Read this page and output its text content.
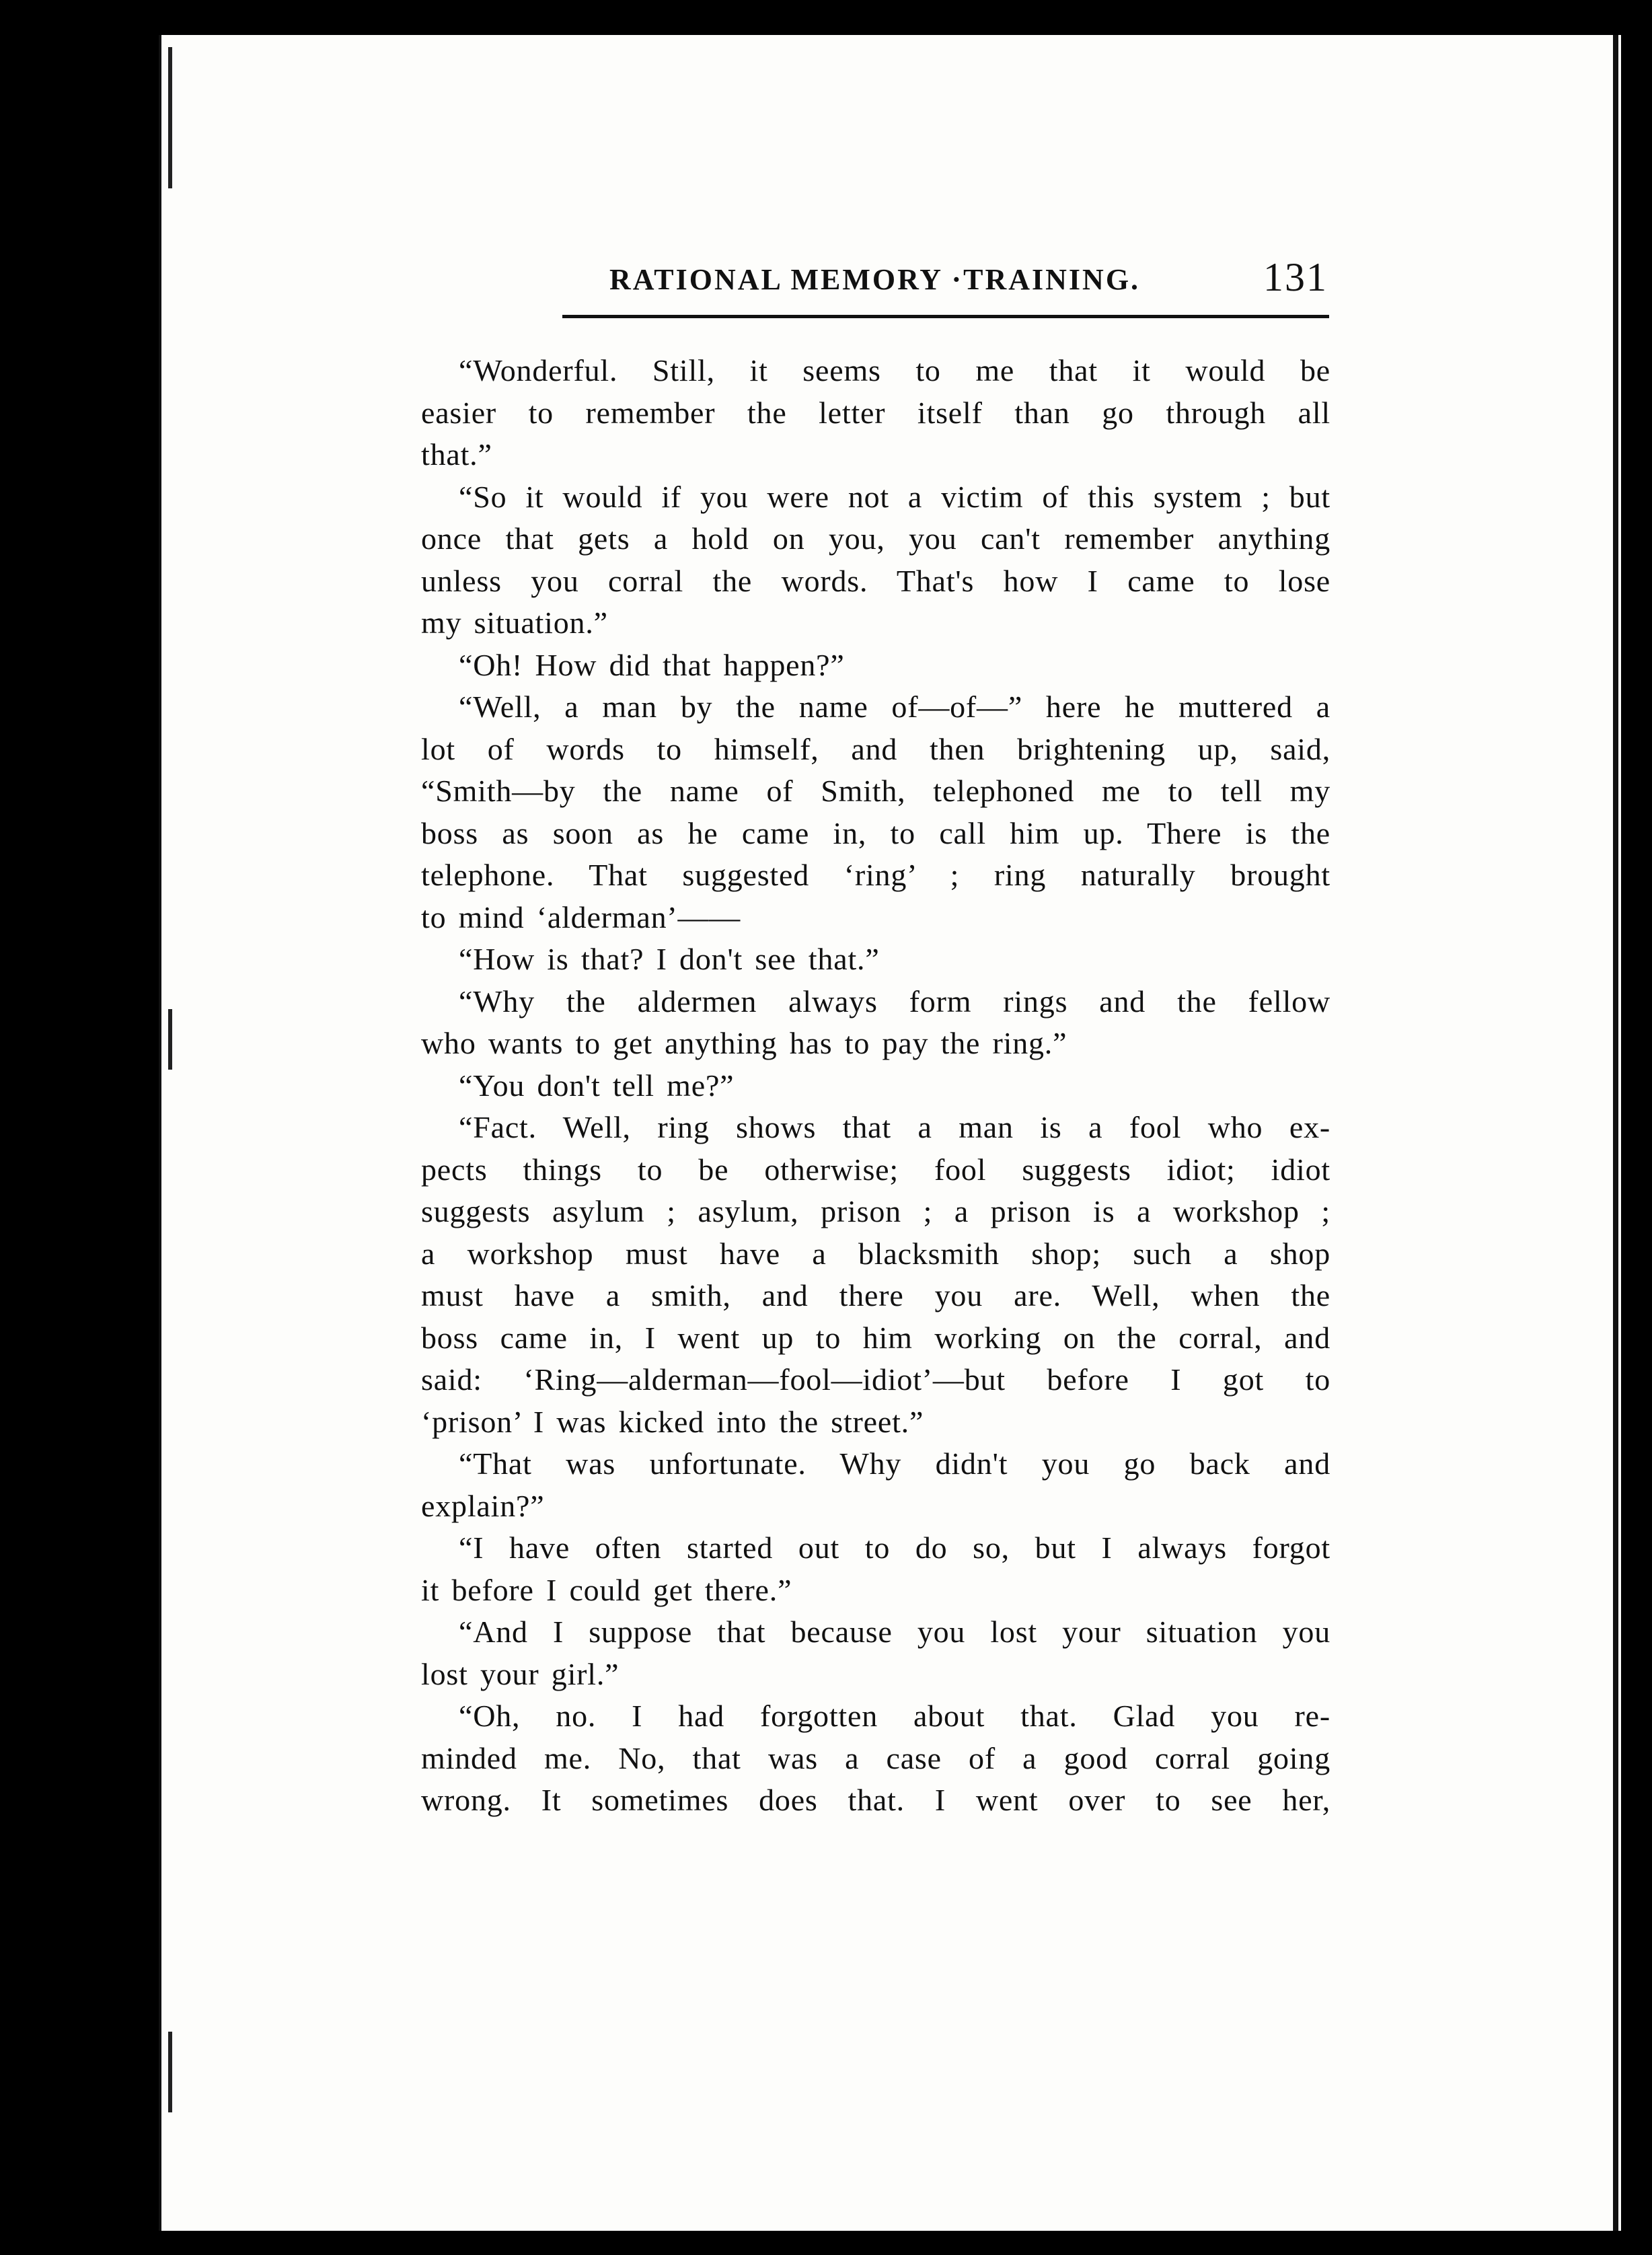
RATIONAL MEMORY ·TRAINING.	131
“Wonderful. Still, it seems to me that it would be
easier to remember the letter itself than go through all
that.”
“So it would if you were not a victim of this system ; but
once that gets a hold on you, you can't remember anything
unless you corral the words. That's how I came to lose
my situation.”
“Oh! How did that happen?”
“Well, a man by the name of—of—” here he muttered a
lot of words to himself, and then brightening up, said,
“Smith—by the name of Smith, telephoned me to tell my
boss as soon as he came in, to call him up. There is the
telephone. That suggested ‘ring’ ; ring naturally brought
to mind ‘alderman’——
“How is that? I don't see that.”
“Why the aldermen always form rings and the fellow
who wants to get anything has to pay the ring.”
“You don't tell me?”
“Fact. Well, ring shows that a man is a fool who ex-
pects things to be otherwise; fool suggests idiot; idiot
suggests asylum ; asylum, prison ; a prison is a workshop ;
a workshop must have a blacksmith shop; such a shop
must have a smith, and there you are. Well, when the
boss came in, I went up to him working on the corral, and
said: ‘Ring—alderman—fool—idiot’—but before I got to
‘prison’ I was kicked into the street.”
“That was unfortunate. Why didn't you go back and
explain?”
“I have often started out to do so, but I always forgot
it before I could get there.”
“And I suppose that because you lost your situation you
lost your girl.”
“Oh, no. I had forgotten about that. Glad you re-
minded me. No, that was a case of a good corral going
wrong. It sometimes does that. I went over to see her,
